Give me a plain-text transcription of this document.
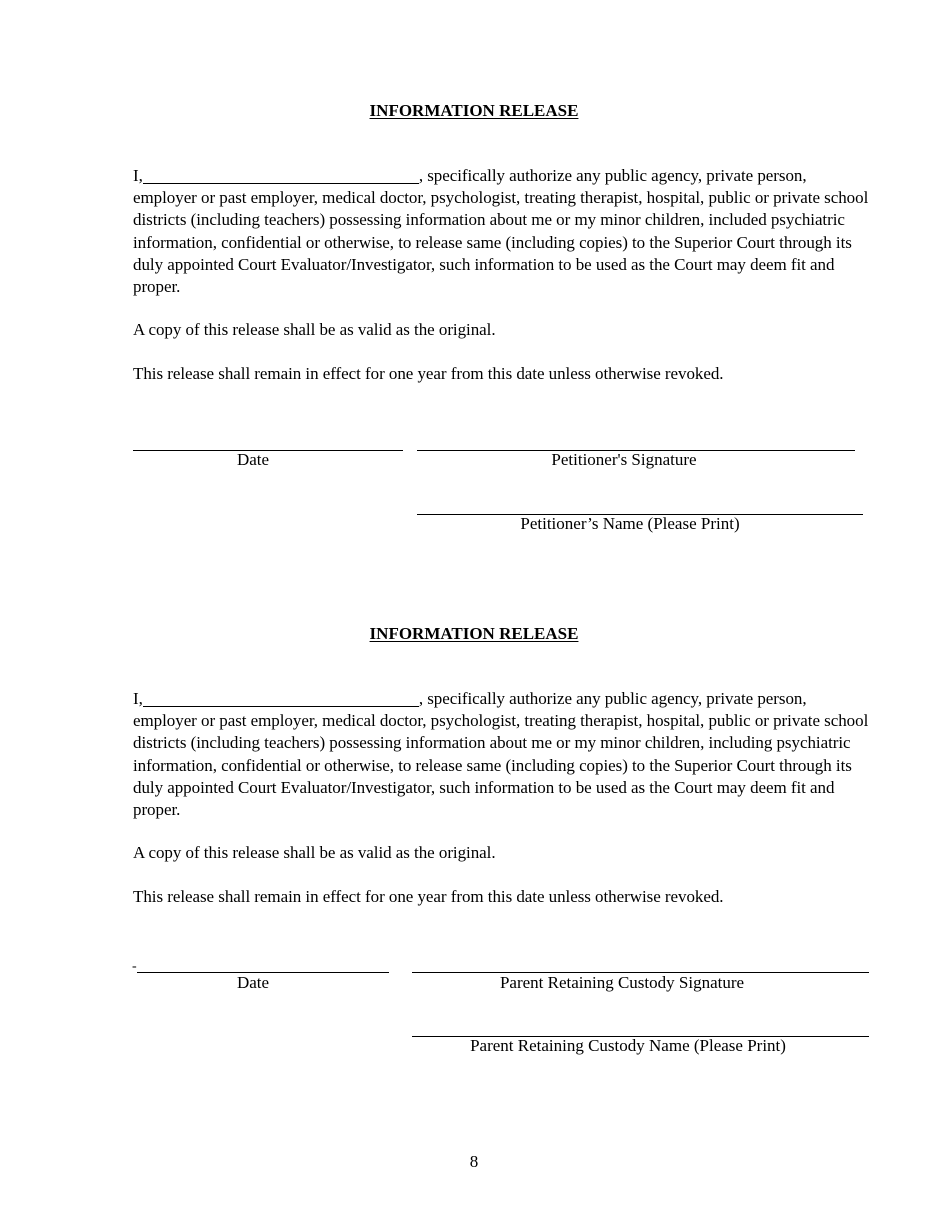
INFORMATION RELEASE
I,	, specifically authorize any public agency, private person, employer or past employer, medical doctor, psychologist, treating therapist, hospital, public or private school districts (including teachers) possessing information about me or my minor children, included psychiatric information, confidential or otherwise, to release same (including copies) to the Superior Court through its duly appointed Court Evaluator/Investigator, such information to be used as the Court may deem fit and proper.
A copy of this release shall be as valid as the original.
This release shall remain in effect for one year from this date unless otherwise revoked.
Date	Petitioner's Signature
Petitioner’s Name (Please Print)
INFORMATION RELEASE
I,	, specifically authorize any public agency, private person, employer or past employer, medical doctor, psychologist, treating therapist, hospital, public or private school districts (including teachers) possessing information about me or my minor children, including psychiatric information, confidential or otherwise, to release same (including copies) to the Superior Court through its duly appointed Court Evaluator/Investigator, such information to be used as the Court may deem fit and proper.
A copy of this release shall be as valid as the original.
This release shall remain in effect for one year from this date unless otherwise revoked.
-
Date	Parent Retaining Custody Signature
Parent Retaining Custody Name (Please Print)
8
